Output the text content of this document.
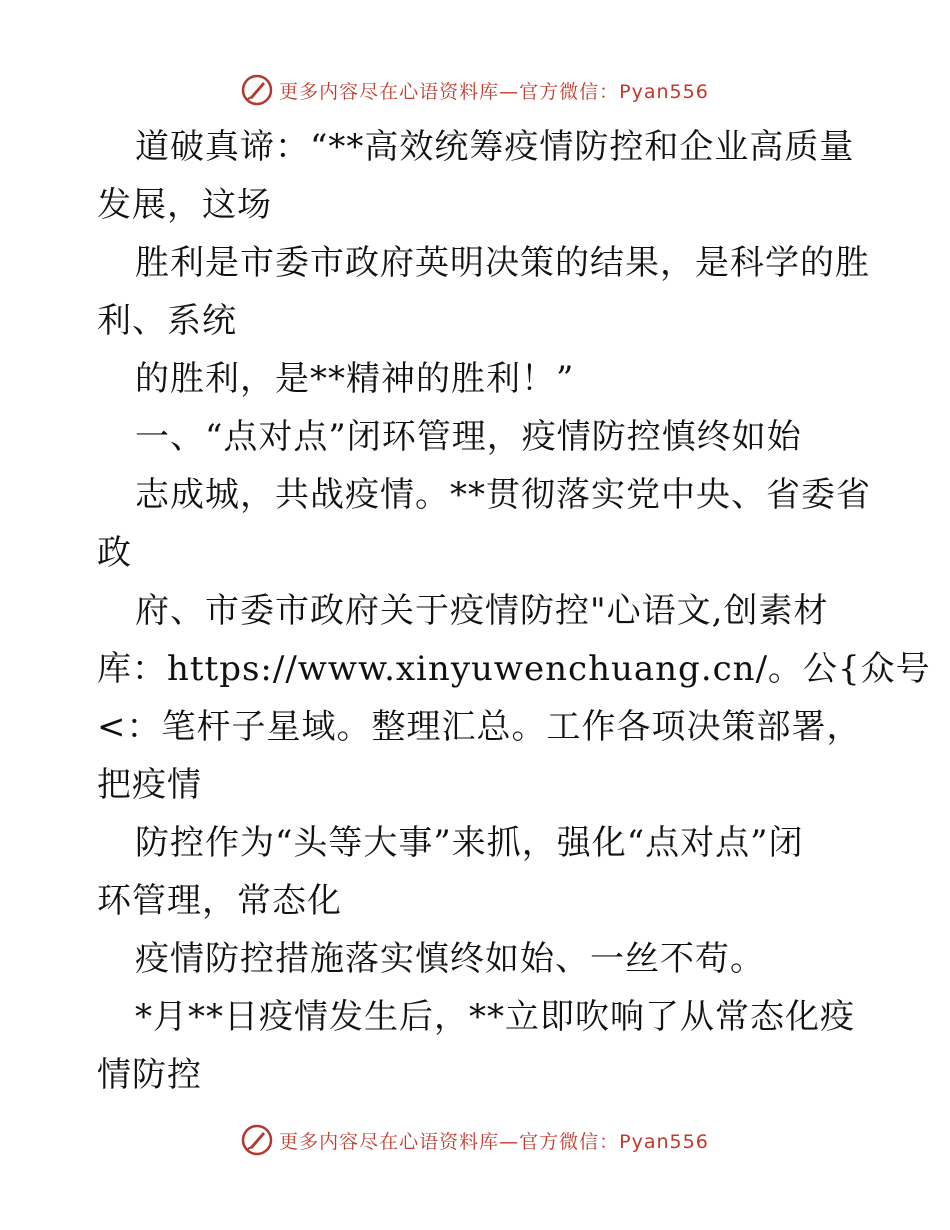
更多内容尽在心语资料库—官方微信：Pyan556
道破真谛：“**高效统筹疫情防控和企业高质量
发展，这场
胜利是市委市政府英明决策的结果，是科学的胜
利、系统
的胜利，是**精神的胜利！”
一、“点对点”闭环管理，疫情防控慎终如始
志成城，共战疫情。**贯彻落实党中央、省委省
政
府、市委市政府关于疫情防控"心语文,创素材
库：https://www.xinyuwenchuang.cn/。公{众号
<：笔杆子星域。整理汇总。工作各项决策部署，
把疫情
防控作为“头等大事”来抓，强化“点对点”闭
环管理，常态化
疫情防控措施落实慎终如始、一丝不苟。
*月**日疫情发生后，**立即吹响了从常态化疫
情防控
更多内容尽在心语资料库—官方微信：Pyan556
